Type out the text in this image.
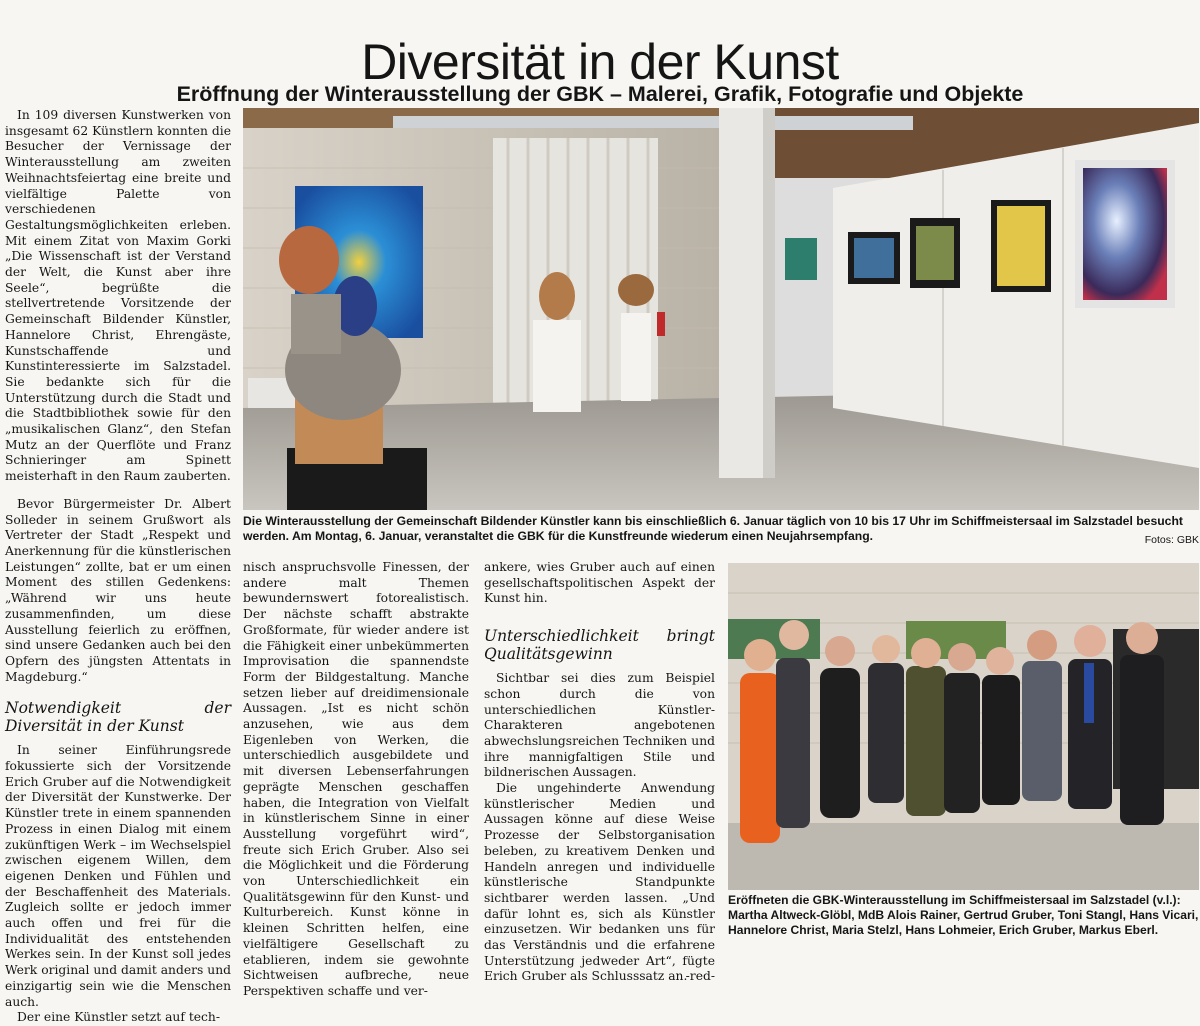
Diversität in der Kunst
Eröffnung der Winterausstellung der GBK – Malerei, Grafik, Fotografie und Objekte

In 109 diversen Kunstwerken von insgesamt 62 Künstlern konnten die Besucher der Vernissage der Winterausstellung am zweiten Weihnachtsfeiertag eine breite und vielfältige Palette von verschiedenen Gestaltungsmöglichkeiten erleben. Mit einem Zitat von Maxim Gorki „Die Wissenschaft ist der Verstand der Welt, die Kunst aber ihre Seele“, begrüßte die stellvertretende Vorsitzende der Gemeinschaft Bildender Künstler, Hannelore Christ, Ehrengäste, Kunstschaffende und Kunstinteressierte im Salzstadel. Sie bedankte sich für die Unterstützung durch die Stadt und die Stadtbibliothek sowie für den „musikalischen Glanz“, den Stefan Mutz an der Querflöte und Franz Schnieringer am Spinett meisterhaft in den Raum zauberten.

Bevor Bürgermeister Dr. Albert Solleder in seinem Grußwort als Vertreter der Stadt „Respekt und Anerkennung für die künstlerischen Leistungen“ zollte, bat er um einen Moment des stillen Gedenkens: „Während wir uns heute zusammenfinden, um diese Ausstellung feierlich zu eröffnen, sind unsere Gedanken auch bei den Opfern des jüngsten Attentats in Magdeburg.“

Notwendigkeit der Diversität in der Kunst

In seiner Einführungsrede fokussierte sich der Vorsitzende Erich Gruber auf die Notwendigkeit der Diversität der Kunstwerke. Der Künstler trete in einem spannenden Prozess in einen Dialog mit einem zukünftigen Werk – im Wechselspiel zwischen eigenem Willen, dem eigenen Denken und Fühlen und der Beschaffenheit des Materials. Zugleich sollte er jedoch immer auch offen und frei für die Individualität des entstehenden Werkes sein. In der Kunst soll jedes Werk original und damit anders und einzigartig sein wie die Menschen auch.

Der eine Künstler setzt auf tech-

Die Winterausstellung der Gemeinschaft Bildender Künstler kann bis einschließlich 6. Januar täglich von 10 bis 17 Uhr im Schiffmeistersaal im Salzstadel besucht werden. Am Montag, 6. Januar, veranstaltet die GBK für die Kunstfreunde wiederum einen Neujahrsempfang.	Fotos: GBK

nisch anspruchsvolle Finessen, der andere malt Themen bewundernswert fotorealistisch. Der nächste schafft abstrakte Großformate, für wieder andere ist die Fähigkeit einer unbekümmerten Improvisation die spannendste Form der Bildgestaltung. Manche setzen lieber auf dreidimensionale Aussagen. „Ist es nicht schön anzusehen, wie aus dem Eigenleben von Werken, die unterschiedlich ausgebildete und mit diversen Lebenserfahrungen geprägte Menschen geschaffen haben, die Integration von Vielfalt in künstlerischem Sinne in einer Ausstellung vorgeführt wird“, freute sich Erich Gruber. Also sei die Möglichkeit und die Förderung von Unterschiedlichkeit ein Qualitätsgewinn für den Kunst- und Kulturbereich. Kunst könne in kleinen Schritten helfen, eine vielfältigere Gesellschaft zu etablieren, indem sie gewohnte Sichtweisen aufbreche, neue Perspektiven schaffe und ver-

ankere, wies Gruber auch auf einen gesellschaftspolitischen Aspekt der Kunst hin.

Unterschiedlichkeit bringt Qualitätsgewinn

Sichtbar sei dies zum Beispiel schon durch die von unterschiedlichen Künstler-Charakteren angebotenen abwechslungsreichen Techniken und ihre mannigfaltigen Stile und bildnerischen Aussagen.

Die ungehinderte Anwendung künstlerischer Medien und Aussagen könne auf diese Weise Prozesse der Selbstorganisation beleben, zu kreativem Denken und Handeln anregen und individuelle künstlerische Standpunkte sichtbarer werden lassen. „Und dafür lohnt es, sich als Künstler einzusetzen. Wir bedanken uns für das Verständnis und die erfahrene Unterstützung jedweder Art“, fügte Erich Gruber als Schlusssatz an.

-red-
Eröffneten die GBK-Winterausstellung im Schiffmeistersaal im Salzstadel (v.l.): Martha Altweck-Glöbl, MdB Alois Rainer, Gertrud Gruber, Toni Stangl, Hans Vicari, Hannelore Christ, Maria Stelzl, Hans Lohmeier, Erich Gruber, Markus Eberl.
